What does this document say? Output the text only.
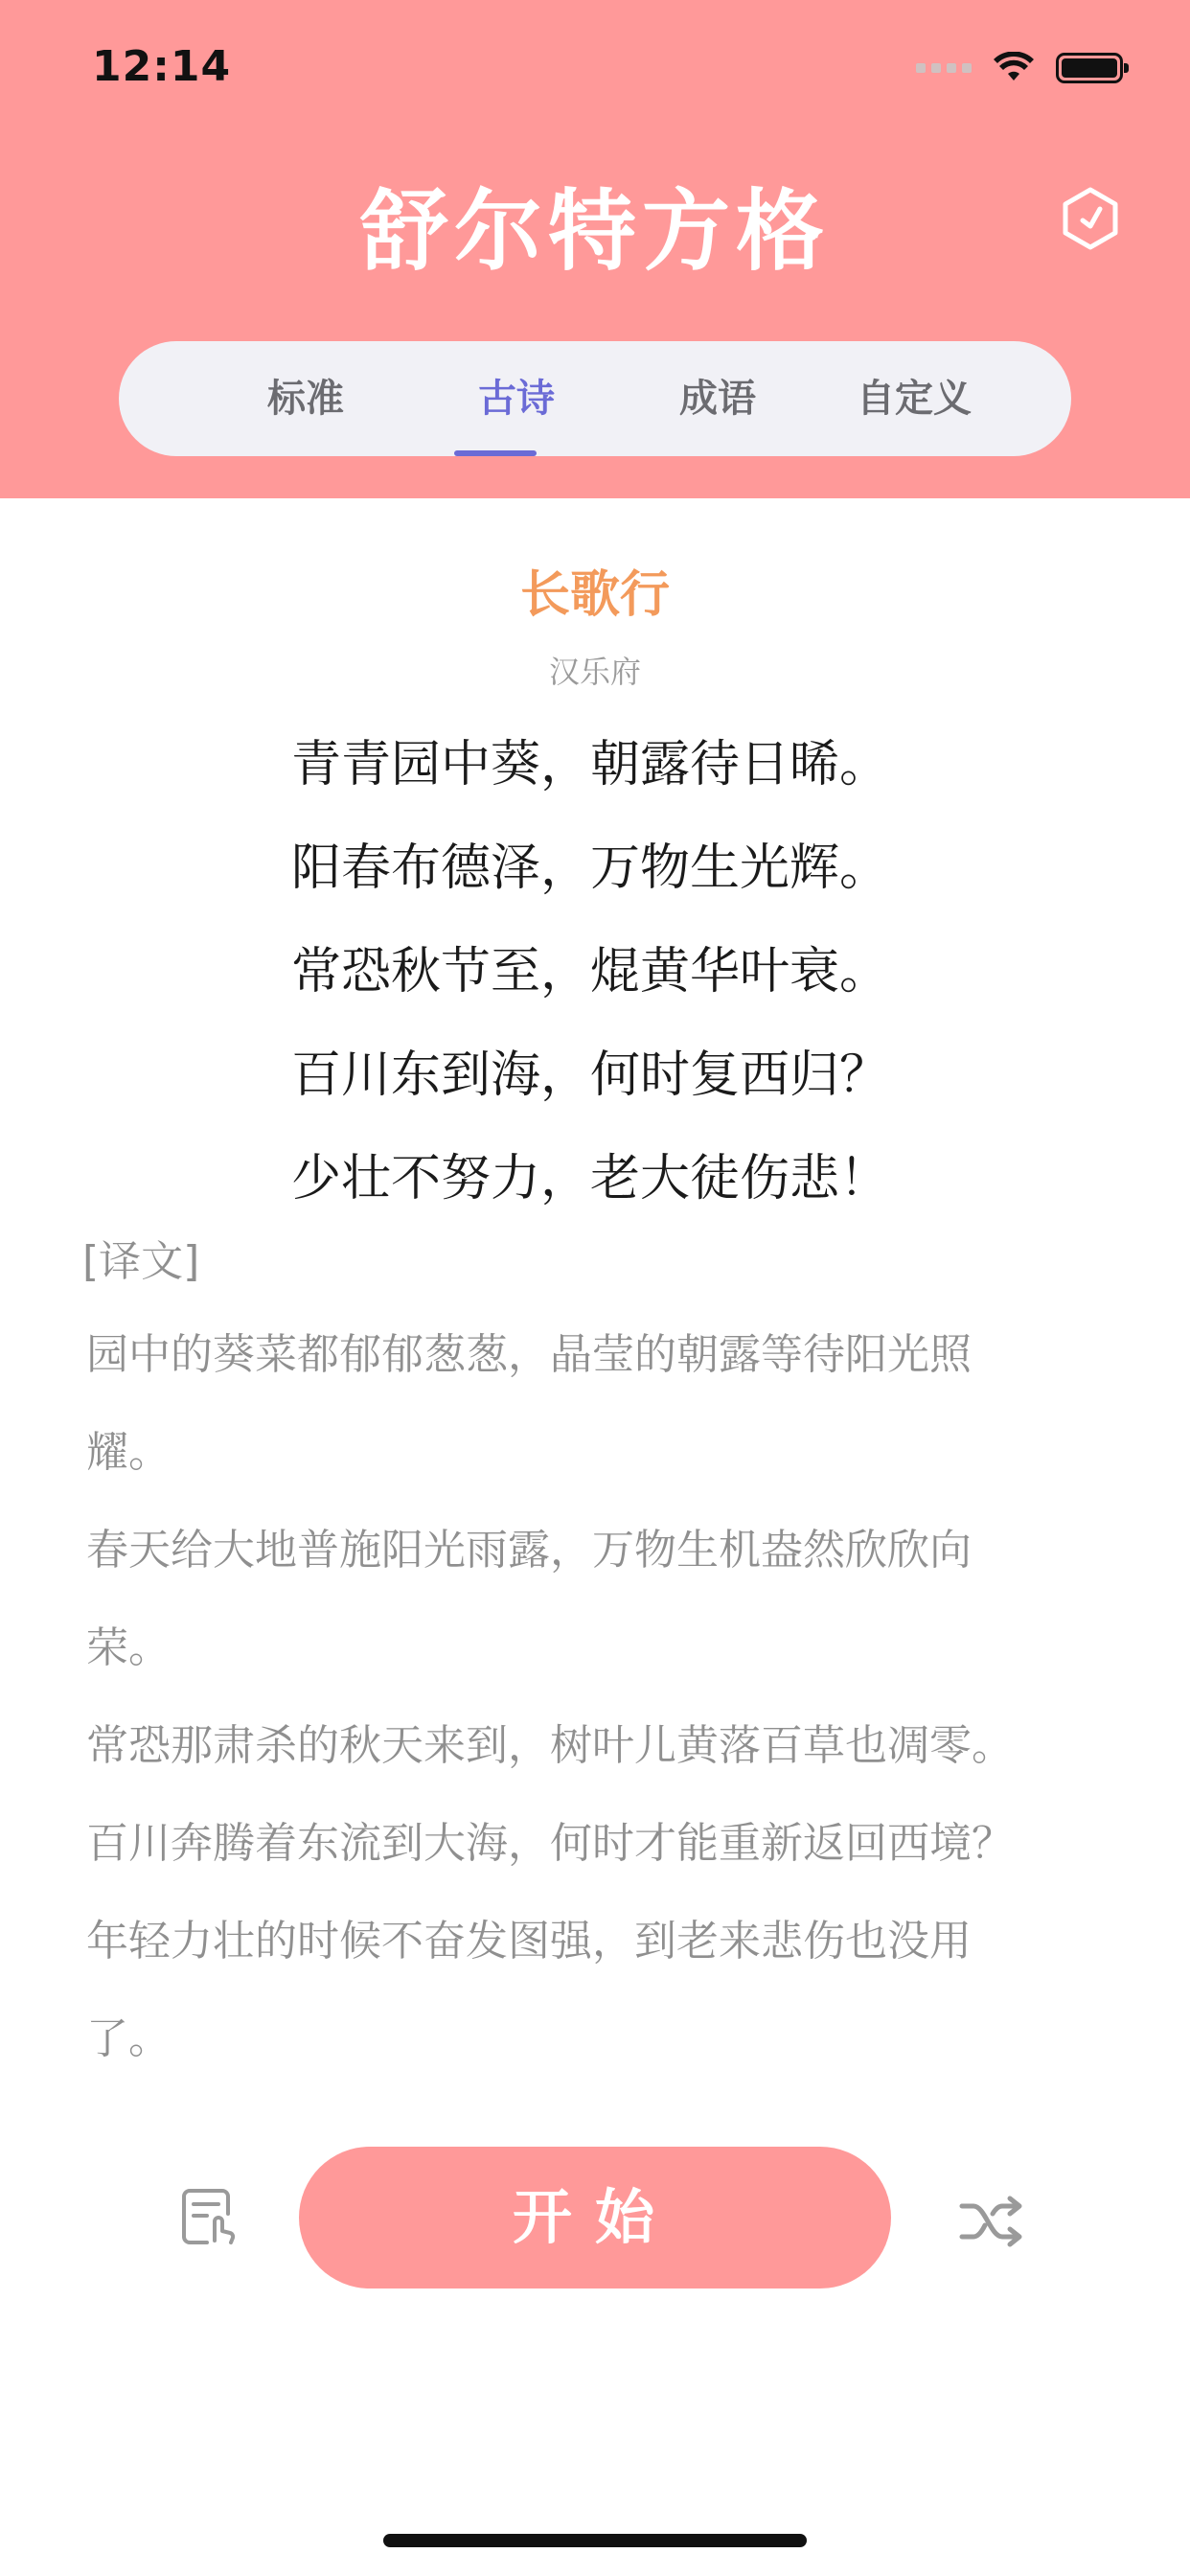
12:14
舒尔特方格
标准	古诗	成语	自定义
长歌行
汉乐府
青青园中葵，朝露待日晞。
阳春布德泽，万物生光辉。
常恐秋节至，焜黄华叶衰。
百川东到海，何时复西归？
少壮不努力，老大徒伤悲！
[译文]
园中的葵菜都郁郁葱葱，晶莹的朝露等待阳光照
耀。
春天给大地普施阳光雨露，万物生机盎然欣欣向
荣。
常恐那肃杀的秋天来到，树叶儿黄落百草也凋零。
百川奔腾着东流到大海，何时才能重新返回西境？
年轻力壮的时候不奋发图强，到老来悲伤也没用
了。
开始
